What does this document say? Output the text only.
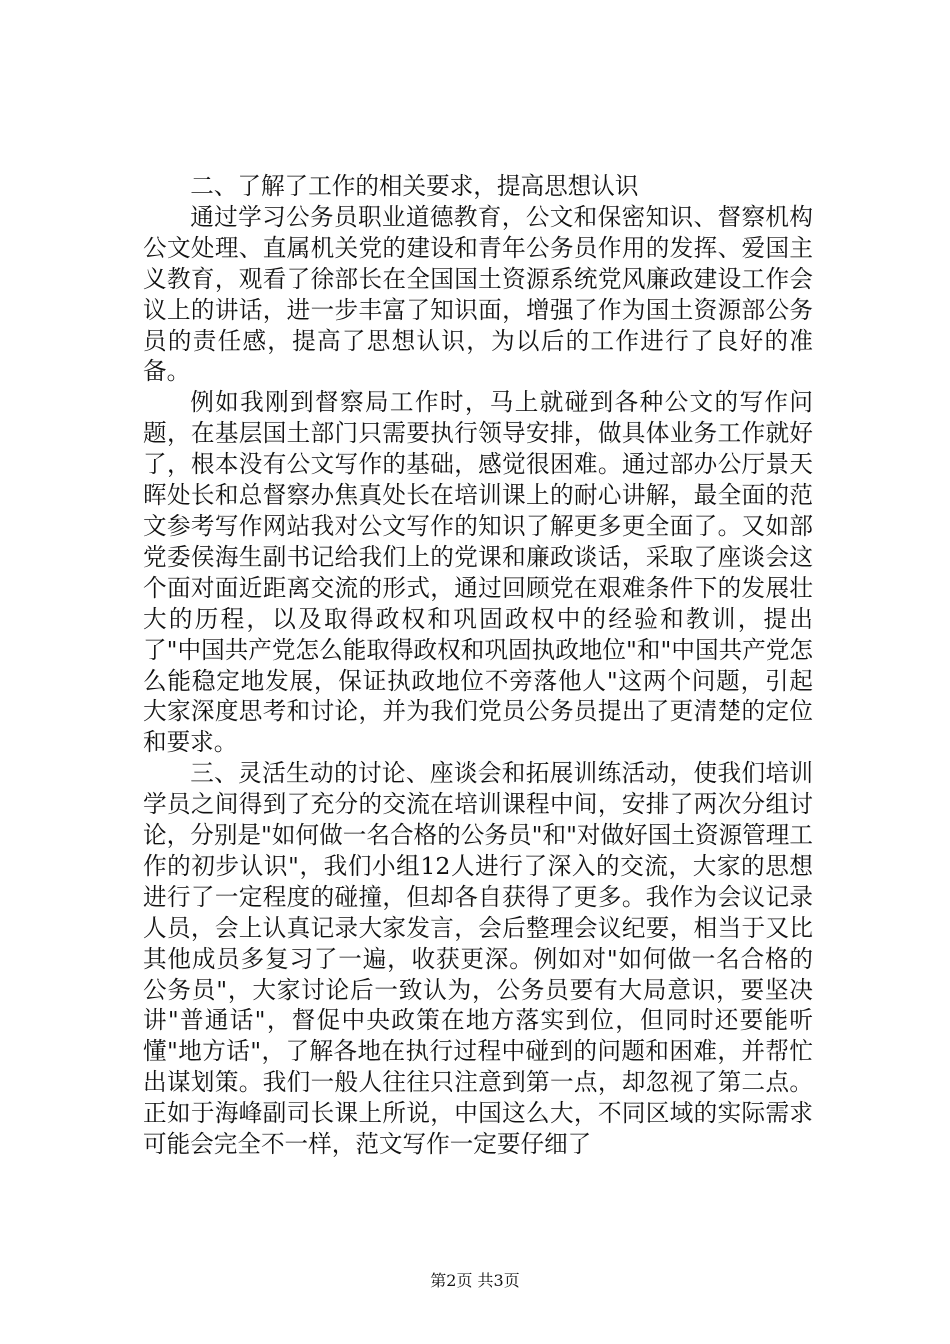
二、了解了工作的相关要求，提高思想认识

通过学习公务员职业道德教育，公文和保密知识、督察机构公文处理、直属机关党的建设和青年公务员作用的发挥、爱国主义教育，观看了徐部长在全国国土资源系统党风廉政建设工作会议上的讲话，进一步丰富了知识面，增强了作为国土资源部公务员的责任感，提高了思想认识，为以后的工作进行了良好的准备。

例如我刚到督察局工作时，马上就碰到各种公文的写作问题，在基层国土部门只需要执行领导安排，做具体业务工作就好了，根本没有公文写作的基础，感觉很困难。通过部办公厅景天晖处长和总督察办焦真处长在培训课上的耐心讲解，最全面的范文参考写作网站我对公文写作的知识了解更多更全面了。又如部党委侯海生副书记给我们上的党课和廉政谈话，采取了座谈会这个面对面近距离交流的形式，通过回顾党在艰难条件下的发展壮大的历程，以及取得政权和巩固政权中的经验和教训，提出了"中国共产党怎么能取得政权和巩固执政地位"和"中国共产党怎么能稳定地发展，保证执政地位不旁落他人"这两个问题，引起大家深度思考和讨论，并为我们党员公务员提出了更清楚的定位和要求。

三、灵活生动的讨论、座谈会和拓展训练活动，使我们培训学员之间得到了充分的交流在培训课程中间，安排了两次分组讨论，分别是"如何做一名合格的公务员"和"对做好国土资源管理工作的初步认识"，我们小组12人进行了深入的交流，大家的思想进行了一定程度的碰撞，但却各自获得了更多。我作为会议记录人员，会上认真记录大家发言，会后整理会议纪要，相当于又比其他成员多复习了一遍，收获更深。例如对"如何做一名合格的公务员"，大家讨论后一致认为，公务员要有大局意识，要坚决讲"普通话"，督促中央政策在地方落实到位，但同时还要能听懂"地方话"，了解各地在执行过程中碰到的问题和困难，并帮忙出谋划策。我们一般人往往只注意到第一点，却忽视了第二点。正如于海峰副司长课上所说，中国这么大，不同区域的实际需求可能会完全不一样，范文写作一定要仔细了

第2页 共3页
